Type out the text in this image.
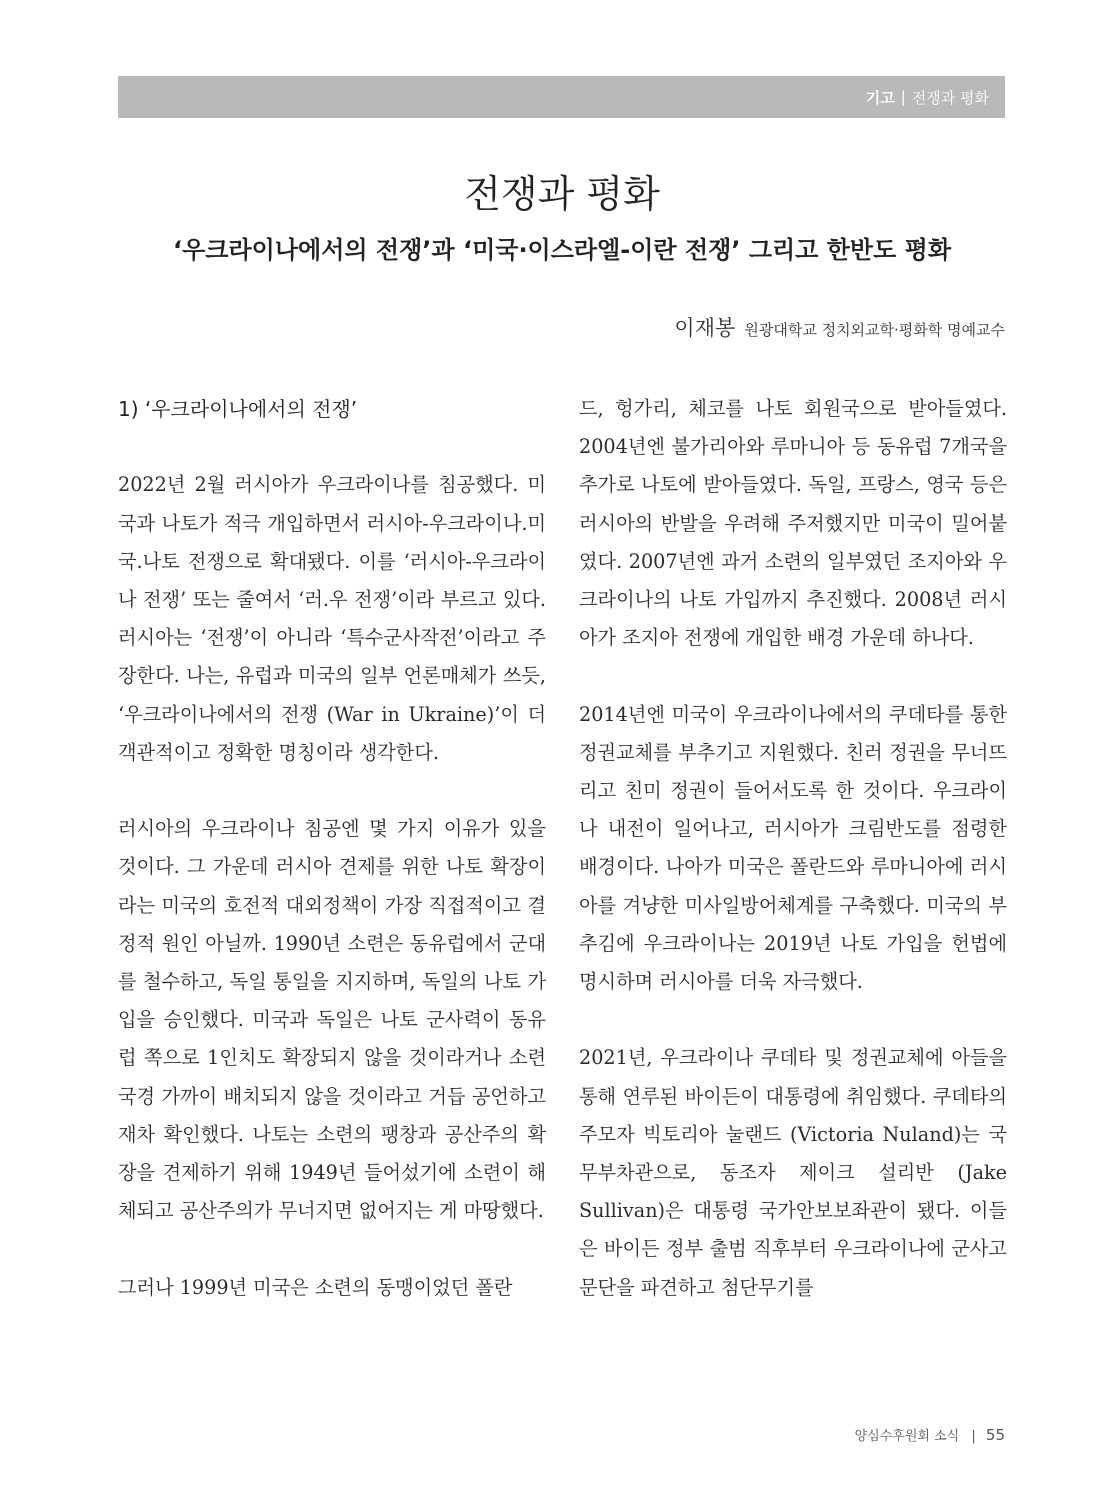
기고 | 전쟁과 평화
전쟁과 평화
‘우크라이나에서의 전쟁’과 ‘미국·이스라엘-이란 전쟁’ 그리고 한반도 평화
이재봉 원광대학교 정치외교학·평화학 명예교수
1) ‘우크라이나에서의 전쟁’

2022년 2월 러시아가 우크라이나를 침공했다. 미국과 나토가 적극 개입하면서 러시아-우크라이나.미국.나토 전쟁으로 확대됐다. 이를 ‘러시아-우크라이나 전쟁’ 또는 줄여서 ‘러.우 전쟁’이라 부르고 있다. 러시아는 ‘전쟁’이 아니라 ‘특수군사작전’이라고 주장한다. 나는, 유럽과 미국의 일부 언론매체가 쓰듯, ‘우크라이나에서의 전쟁 (War in Ukraine)’이 더 객관적이고 정확한 명칭이라 생각한다.

러시아의 우크라이나 침공엔 몇 가지 이유가 있을 것이다. 그 가운데 러시아 견제를 위한 나토 확장이라는 미국의 호전적 대외정책이 가장 직접적이고 결정적 원인 아닐까. 1990년 소련은 동유럽에서 군대를 철수하고, 독일 통일을 지지하며, 독일의 나토 가입을 승인했다. 미국과 독일은 나토 군사력이 동유럽 쪽으로 1인치도 확장되지 않을 것이라거나 소련 국경 가까이 배치되지 않을 것이라고 거듭 공언하고 재차 확인했다. 나토는 소련의 팽창과 공산주의 확장을 견제하기 위해 1949년 들어섰기에 소련이 해체되고 공산주의가 무너지면 없어지는 게 마땅했다.

그러나 1999년 미국은 소련의 동맹이었던 폴란

드, 헝가리, 체코를 나토 회원국으로 받아들였다. 2004년엔 불가리아와 루마니아 등 동유럽 7개국을 추가로 나토에 받아들였다. 독일, 프랑스, 영국 등은 러시아의 반발을 우려해 주저했지만 미국이 밀어붙였다. 2007년엔 과거 소련의 일부였던 조지아와 우크라이나의 나토 가입까지 추진했다. 2008년 러시아가 조지아 전쟁에 개입한 배경 가운데 하나다.

2014년엔 미국이 우크라이나에서의 쿠데타를 통한 정권교체를 부추기고 지원했다. 친러 정권을 무너뜨리고 친미 정권이 들어서도록 한 것이다. 우크라이나 내전이 일어나고, 러시아가 크림반도를 점령한 배경이다. 나아가 미국은 폴란드와 루마니아에 러시아를 겨냥한 미사일방어체계를 구축했다. 미국의 부추김에 우크라이나는 2019년 나토 가입을 헌법에 명시하며 러시아를 더욱 자극했다.

2021년, 우크라이나 쿠데타 및 정권교체에 아들을 통해 연루된 바이든이 대통령에 취임했다. 쿠데타의 주모자 빅토리아 눌랜드 (Victoria Nuland)는 국무부차관으로, 동조자 제이크 설리반 (Jake Sullivan)은 대통령 국가안보보좌관이 됐다. 이들은 바이든 정부 출범 직후부터 우크라이나에 군사고문단을 파견하고 첨단무기를

양심수후원회 소식 | 55
